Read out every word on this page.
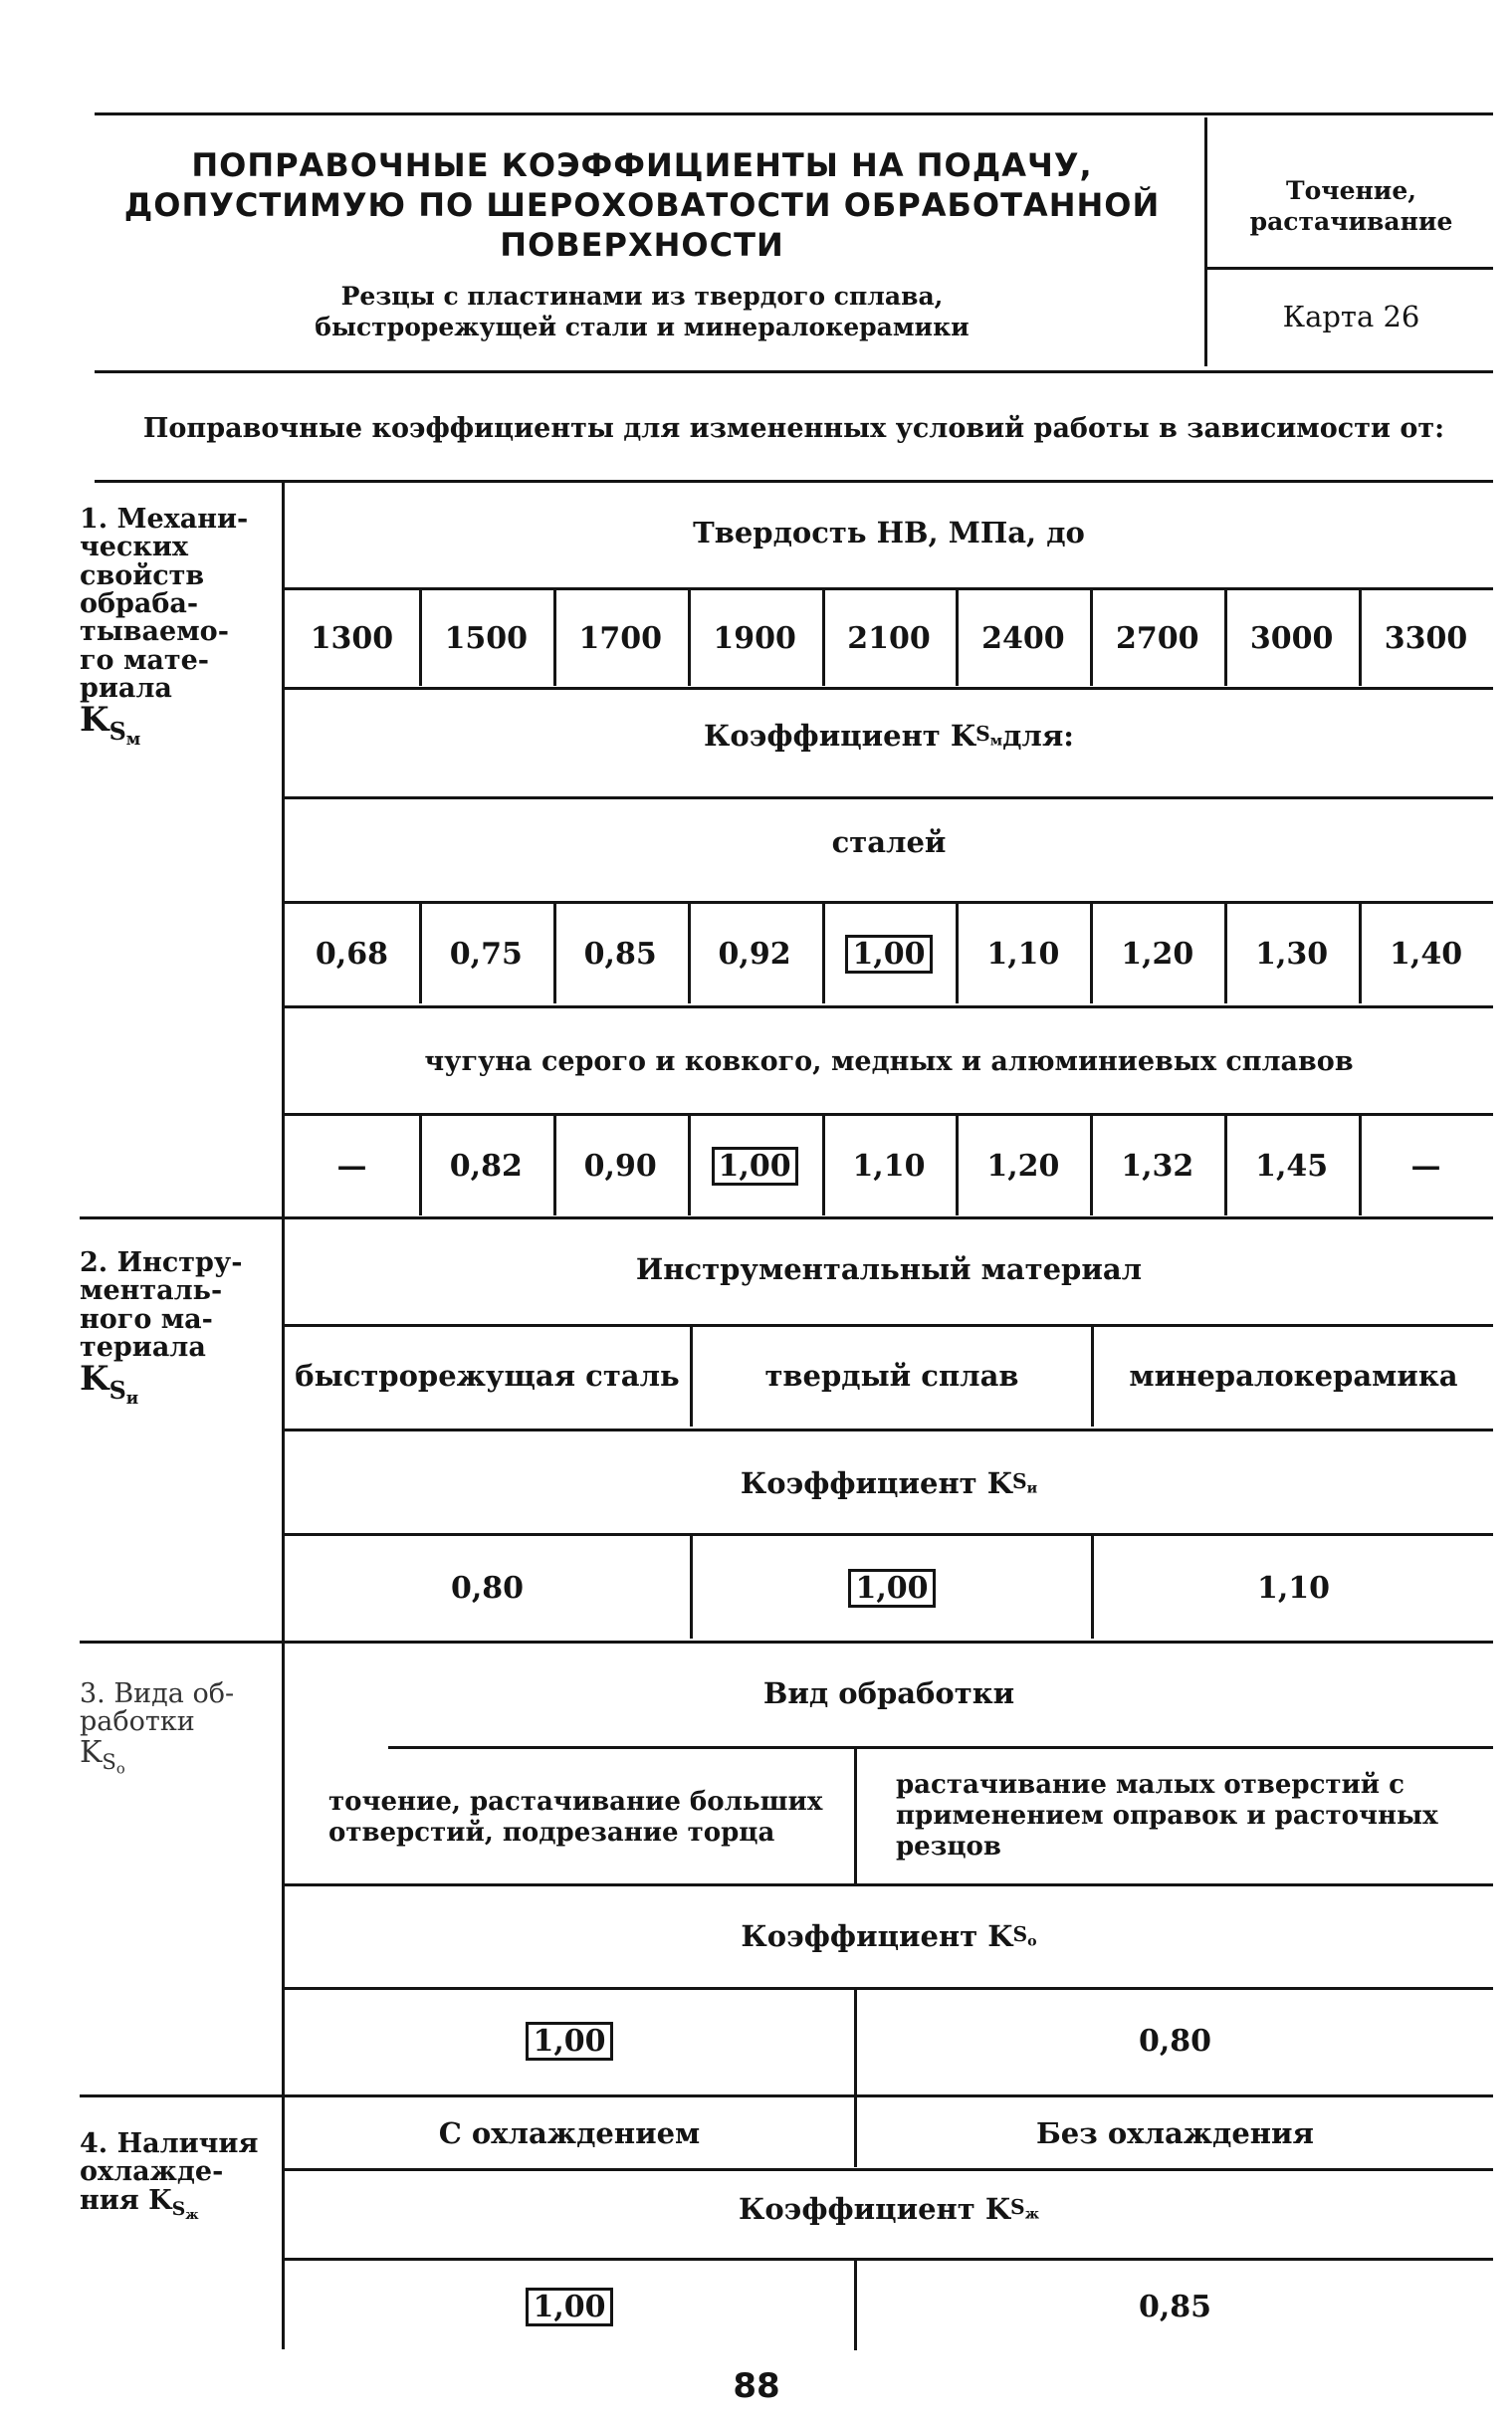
ПОПРАВОЧНЫЕ КОЭФФИЦИЕНТЫ НА ПОДАЧУ,
ДОПУСТИМУЮ ПО ШЕРОХОВАТОСТИ ОБРАБОТАННОЙ
ПОВЕРХНОСТИ
Резцы с пластинами из твердого сплава,
быстрорежущей стали и минералокерамики
Точение,
растачивание
Карта 26
Поправочные коэффициенты для измененных условий работы в зависимости от:
1. Механи-
ческих
свойств
обраба-
тываемо-
го мате-
риала
$K_{S_м}$
Твердость НВ, МПа, до
1300 1500 1700 1900 2100 2400 2700 3000 3300
Коэффициент K $S_м$ для:
сталей
0,68 0,75 0,85 0,92 1,00 1,10 1,20 1,30 1,40
чугуна серого и ковкого, медных и алюминиевых сплавов
—	0,82 0,90 1,00 1,10 1,20 1,32 1,45	—
2. Инстру-
менталь-
ного ма-
териала
$K_{S_и}$
Инструментальный материал
быстрорежущая сталь	твердый сплав	минералокерамика
Коэффициент K $S_и$
0,80	1,00	1,10
3. Вида об-
работки
$K_{S_о}$
Вид обработки
точение, растачивание больших отверстий, подрезание торца
растачивание малых отверстий с применением оправок и расточных резцов
Коэффициент K $S_о$
1,00	0,80
4. Наличия
охлажде-
ния $K_{S_ж}$
С охлаждением	Без охлаждения
Коэффициент K $S_ж$
1,00	0,85
88
